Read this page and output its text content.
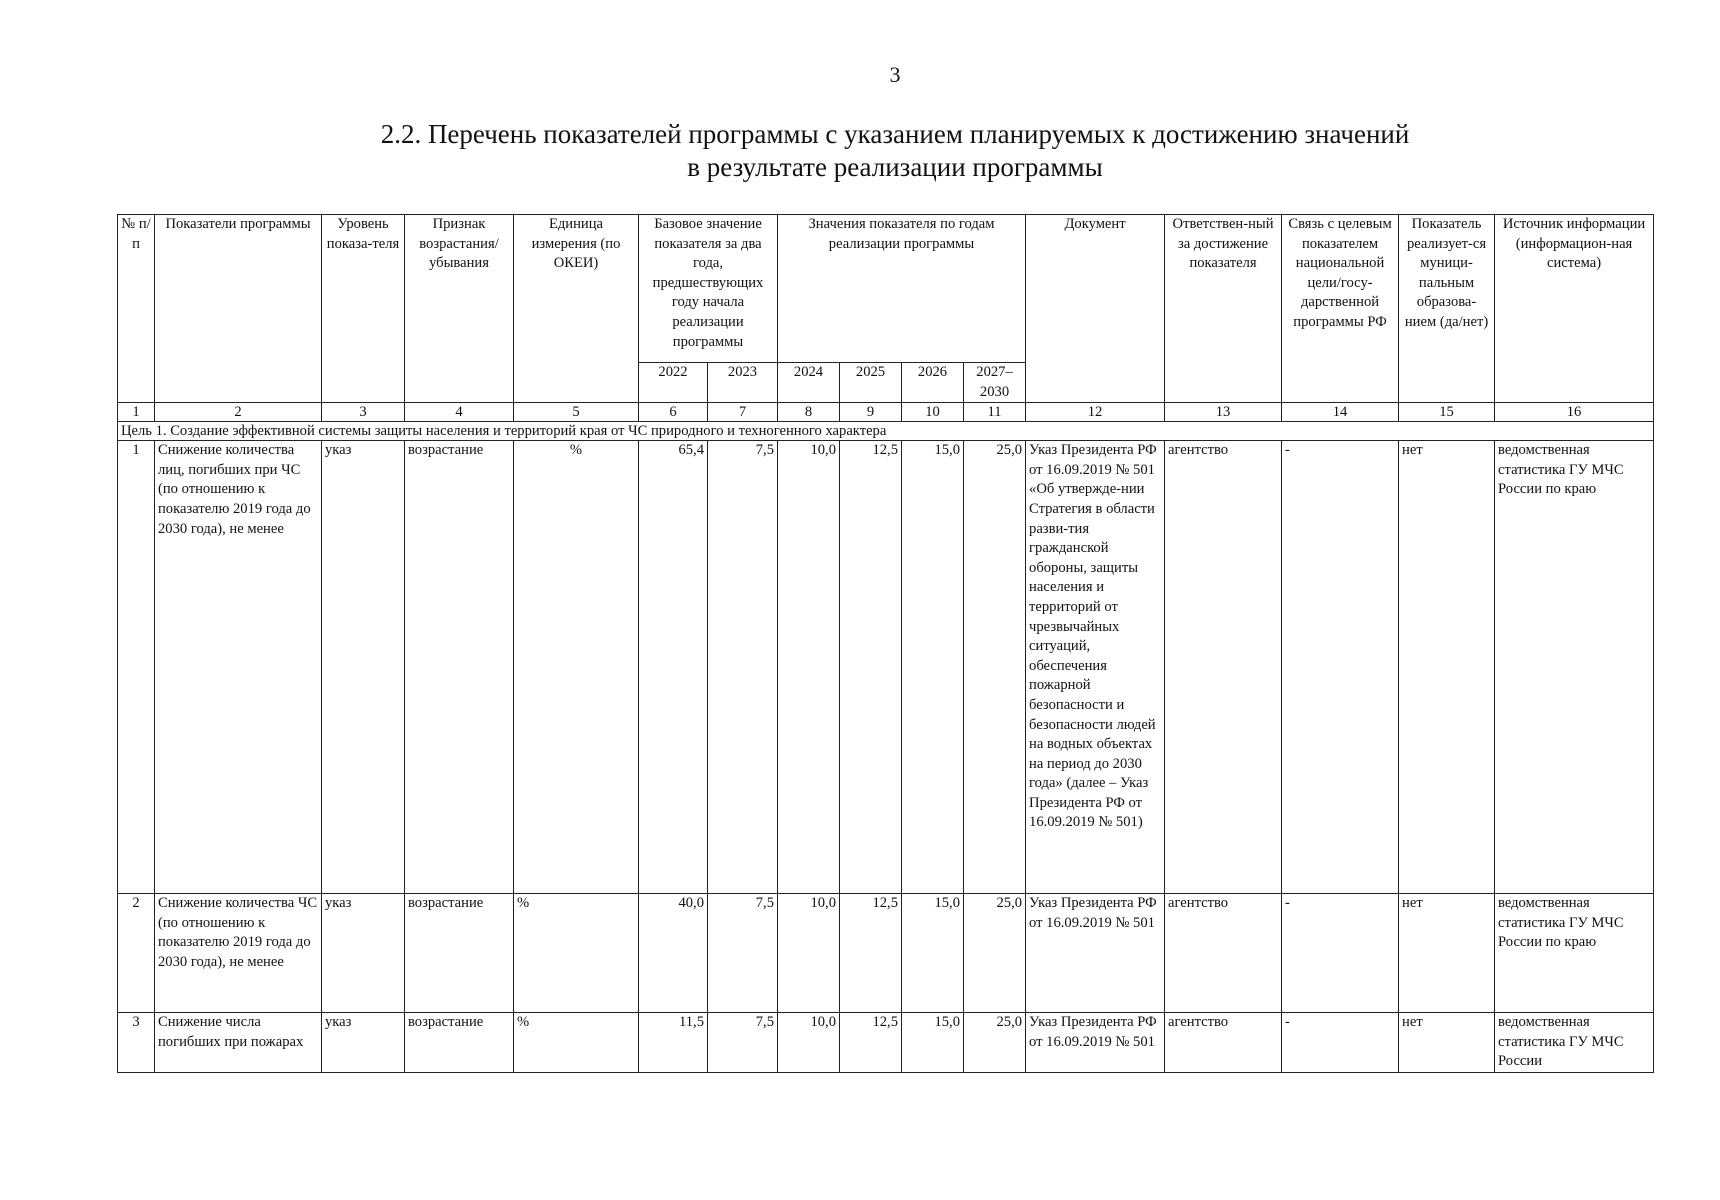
3
2.2. Перечень показателей программы с указанием планируемых к достижению значений
в результате реализации программы
№ п/п	Показатели программы	Уровень показа-теля	Признак возрастания/ убывания	Единица измерения (по ОКЕИ)	Базовое значение показателя за два года, предшествующих году начала реализации программы		Значения показателя по годам реализации программы				Документ	Ответствен-ный за достижение показателя	Связь с целевым показателем национальной цели/госу-дарственной программы РФ	Показатель реализует-ся муници-пальным образова-нием (да/нет)	Источник информации (информацион-ная система)
					2022	2023	2024	2025	2026	2027–2030					
1	2	3	4	5	6	7	8	9	10	11	12	13	14	15	16
Цель 1. Создание эффективной системы защиты населения и территорий края от ЧС природного и техногенного характера															
1	Снижение количества лиц, погибших при ЧС (по отношению к показателю 2019 года до 2030 года), не менее	указ	возрастание	%	65,4	7,5	10,0	12,5	15,0	25,0	Указ Президента РФ от 16.09.2019 № 501 «Об утвержде-нии Стратегия в области разви-тия гражданской обороны, защиты населения и территорий от чрезвычайных ситуаций, обеспечения пожарной безопасности и безопасности людей на водных объектах на период до 2030 года» (далее – Указ Президента РФ от 16.09.2019 № 501)	агентство	-	нет	ведомственная статистика ГУ МЧС России по краю
2	Снижение количества ЧС (по отношению к показателю 2019 года до 2030 года), не менее	указ	возрастание	%	40,0	7,5	10,0	12,5	15,0	25,0	Указ Президента РФ от 16.09.2019 № 501	агентство	-	нет	ведомственная статистика ГУ МЧС России по краю
3	Снижение числа погибших при пожарах	указ	возрастание	%	11,5	7,5	10,0	12,5	15,0	25,0	Указ Президента РФ от 16.09.2019 № 501	агентство	-	нет	ведомственная статистика ГУ МЧС России
